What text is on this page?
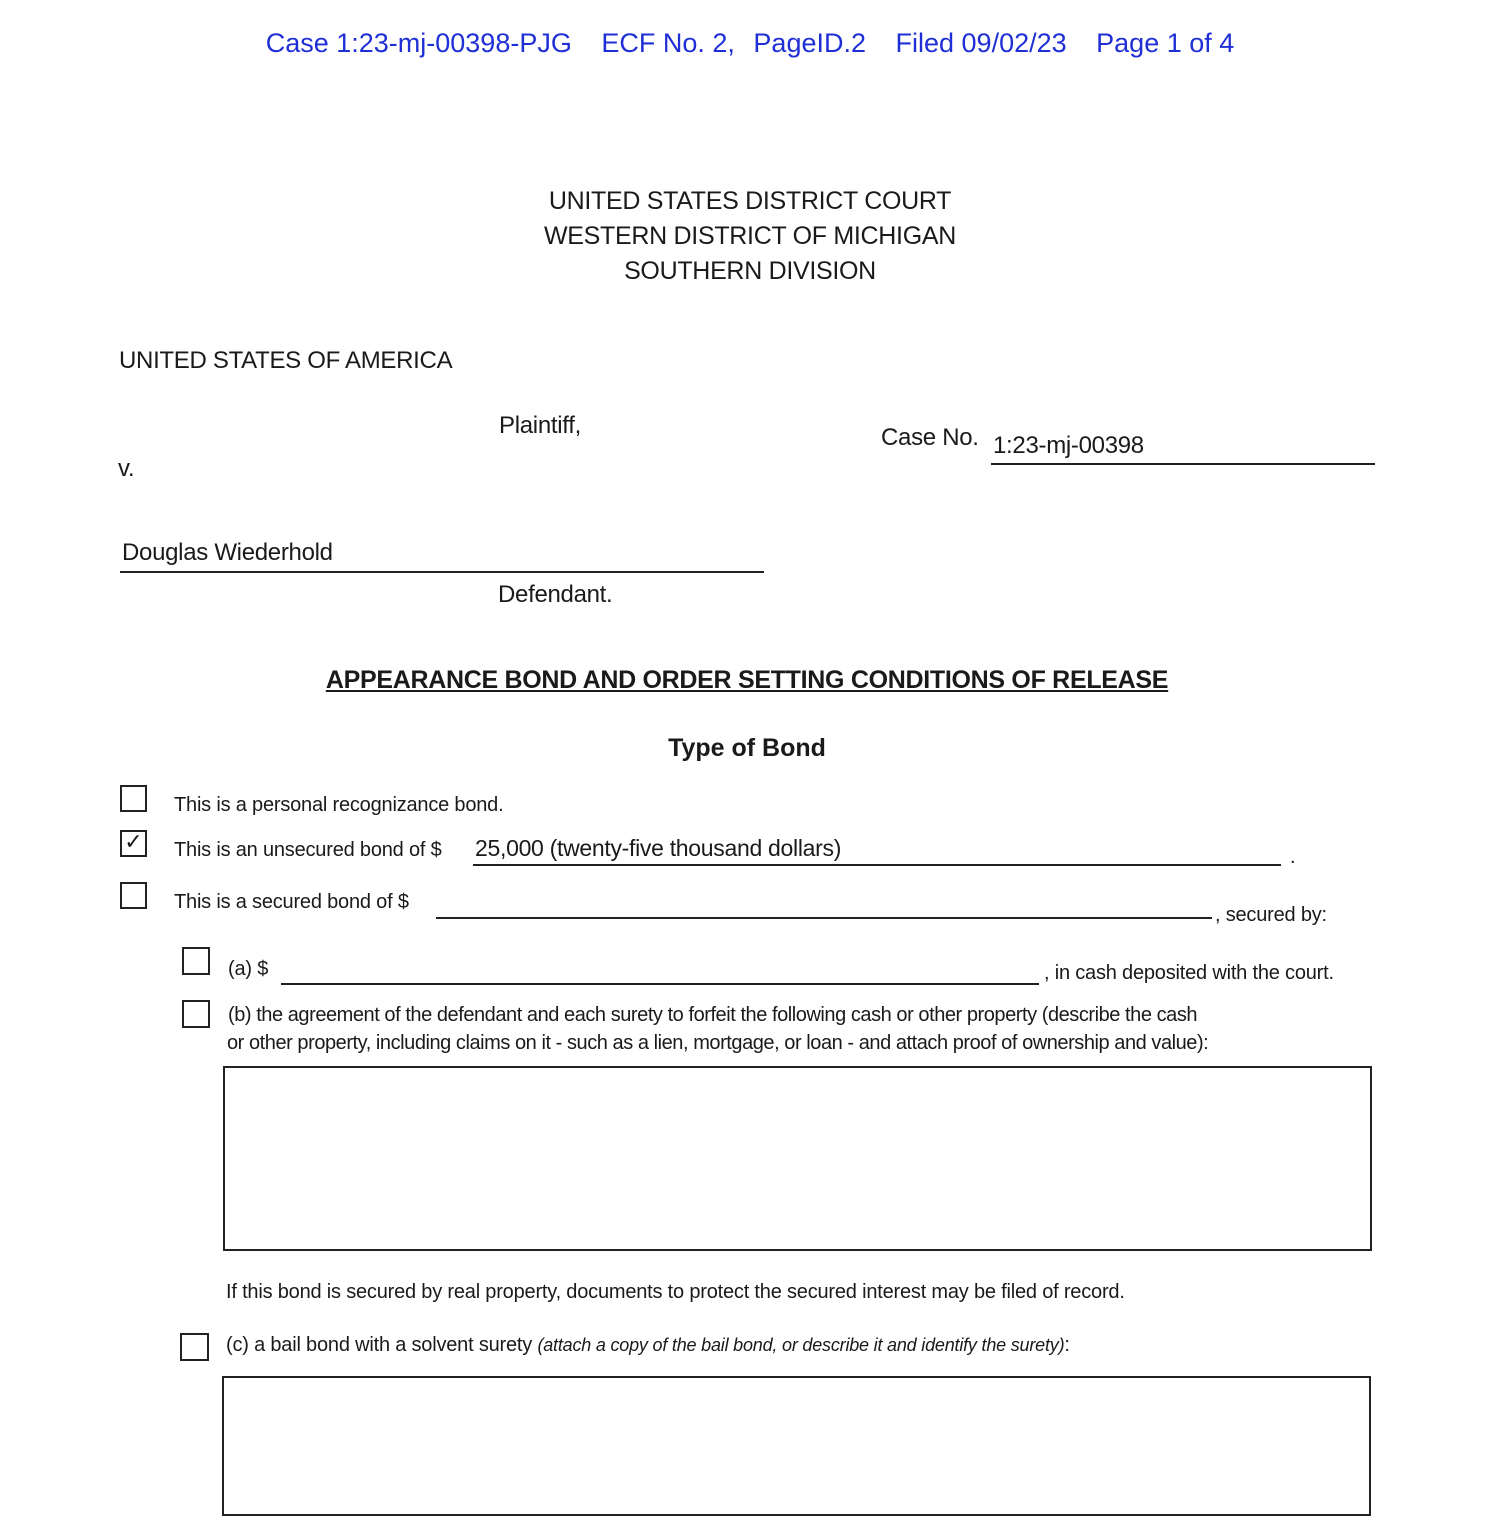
Case 1:23-mj-00398-PJG ECF No. 2, PageID.2 Filed 09/02/23 Page 1 of 4
UNITED STATES DISTRICT COURT
WESTERN DISTRICT OF MICHIGAN
SOUTHERN DIVISION
UNITED STATES OF AMERICA
Plaintiff,
v.
Case No. 1:23-mj-00398
Douglas Wiederhold
Defendant.
APPEARANCE BOND AND ORDER SETTING CONDITIONS OF RELEASE
Type of Bond
This is a personal recognizance bond.
✓ This is an unsecured bond of $ 25,000 (twenty-five thousand dollars)	.
This is a secured bond of $
, secured by:
(a) $	, in cash deposited with the court.
(b) the agreement of the defendant and each surety to forfeit the following cash or other property (describe the cash
or other property, including claims on it - such as a lien, mortgage, or loan - and attach proof of ownership and value):
If this bond is secured by real property, documents to protect the secured interest may be filed of record.
(c) a bail bond with a solvent surety (attach a copy of the bail bond, or describe it and identify the surety):
